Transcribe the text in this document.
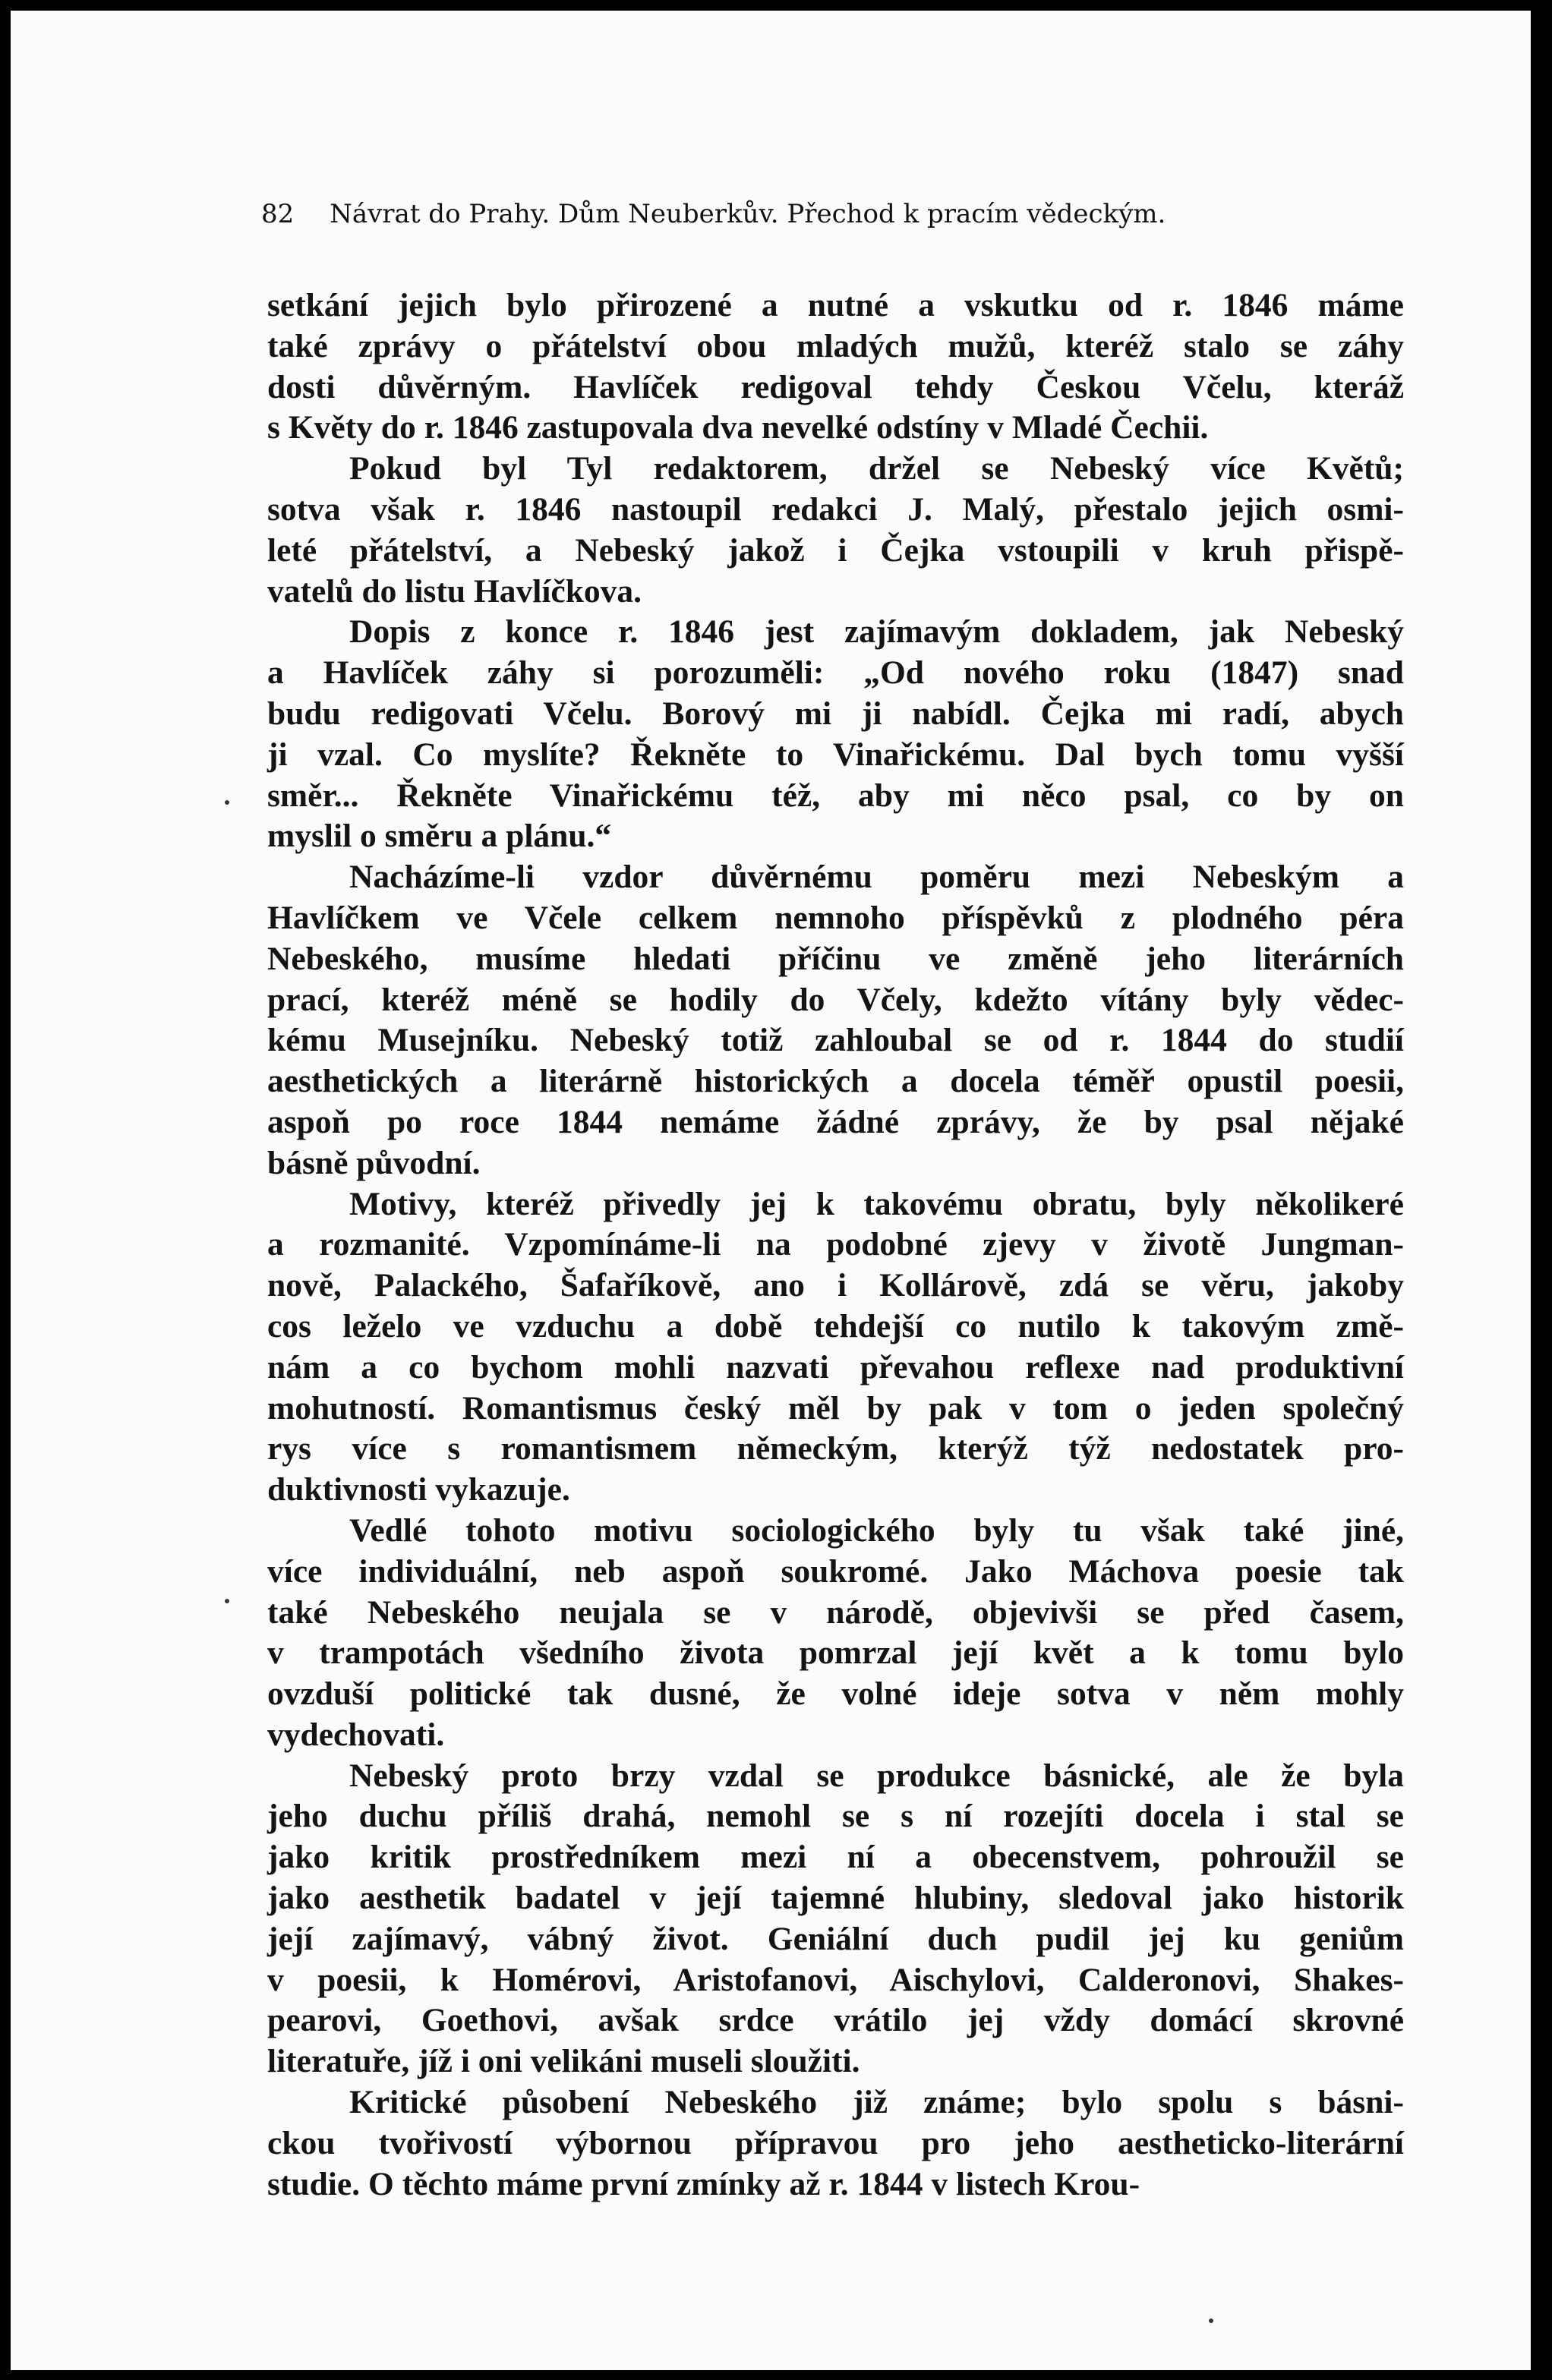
82 Návrat do Prahy. Dům Neuberkův. Přechod k pracím vědeckým.
setkání jejich bylo přirozené a nutné a vskutku od r. 1846 máme
také zprávy o přátelství obou mladých mužů, kteréž stalo se záhy
dosti důvěrným. Havlíček redigoval tehdy Českou Včelu, kteráž
s Květy do r. 1846 zastupovala dva nevelké odstíny v Mladé Čechii.
Pokud byl Tyl redaktorem, držel se Nebeský více Květů;
sotva však r. 1846 nastoupil redakci J. Malý, přestalo jejich osmi-
leté přátelství, a Nebeský jakož i Čejka vstoupili v kruh přispě-
vatelů do listu Havlíčkova.
Dopis z konce r. 1846 jest zajímavým dokladem, jak Nebeský
a Havlíček záhy si porozuměli: „Od nového roku (1847) snad
budu redigovati Včelu. Borový mi ji nabídl. Čejka mi radí, abych
ji vzal. Co myslíte? Řekněte to Vinařickému. Dal bych tomu vyšší
směr... Řekněte Vinařickému též, aby mi něco psal, co by on
myslil o směru a plánu.“
Nacházíme-li vzdor důvěrnému poměru mezi Nebeským a
Havlíčkem ve Včele celkem nemnoho příspěvků z plodného péra
Nebeského, musíme hledati příčinu ve změně jeho literárních
prací, kteréž méně se hodily do Včely, kdežto vítány byly vědec-
kému Musejníku. Nebeský totiž zahloubal se od r. 1844 do studií
aesthetických a literárně historických a docela téměř opustil poesii,
aspoň po roce 1844 nemáme žádné zprávy, že by psal nějaké
básně původní.
Motivy, kteréž přivedly jej k takovému obratu, byly několikeré
a rozmanité. Vzpomínáme-li na podobné zjevy v životě Jungman-
nově, Palackého, Šafaříkově, ano i Kollárově, zdá se věru, jakoby
cos leželo ve vzduchu a době tehdejší co nutilo k takovým změ-
nám a co bychom mohli nazvati převahou reflexe nad produktivní
mohutností. Romantismus český měl by pak v tom o jeden společný
rys více s romantismem německým, kterýž týž nedostatek pro-
duktivnosti vykazuje.
Vedlé tohoto motivu sociologického byly tu však také jiné,
více individuální, neb aspoň soukromé. Jako Máchova poesie tak
také Nebeského neujala se v národě, objevivši se před časem,
v trampotách všedního života pomrzal její květ a k tomu bylo
ovzduší politické tak dusné, že volné ideje sotva v něm mohly
vydechovati.
Nebeský proto brzy vzdal se produkce básnické, ale že byla
jeho duchu příliš drahá, nemohl se s ní rozejíti docela i stal se
jako kritik prostředníkem mezi ní a obecenstvem, pohroužil se
jako aesthetik badatel v její tajemné hlubiny, sledoval jako historik
její zajímavý, vábný život. Geniální duch pudil jej ku geniům
v poesii, k Homérovi, Aristofanovi, Aischylovi, Calderonovi, Shakes-
pearovi, Goethovi, avšak srdce vrátilo jej vždy domácí skrovné
literatuře, jíž i oni velikáni museli sloužiti.
Kritické působení Nebeského již známe; bylo spolu s básni-
ckou tvořivostí výbornou přípravou pro jeho aestheticko-literární
studie. O těchto máme první zmínky až r. 1844 v listech Krou-
